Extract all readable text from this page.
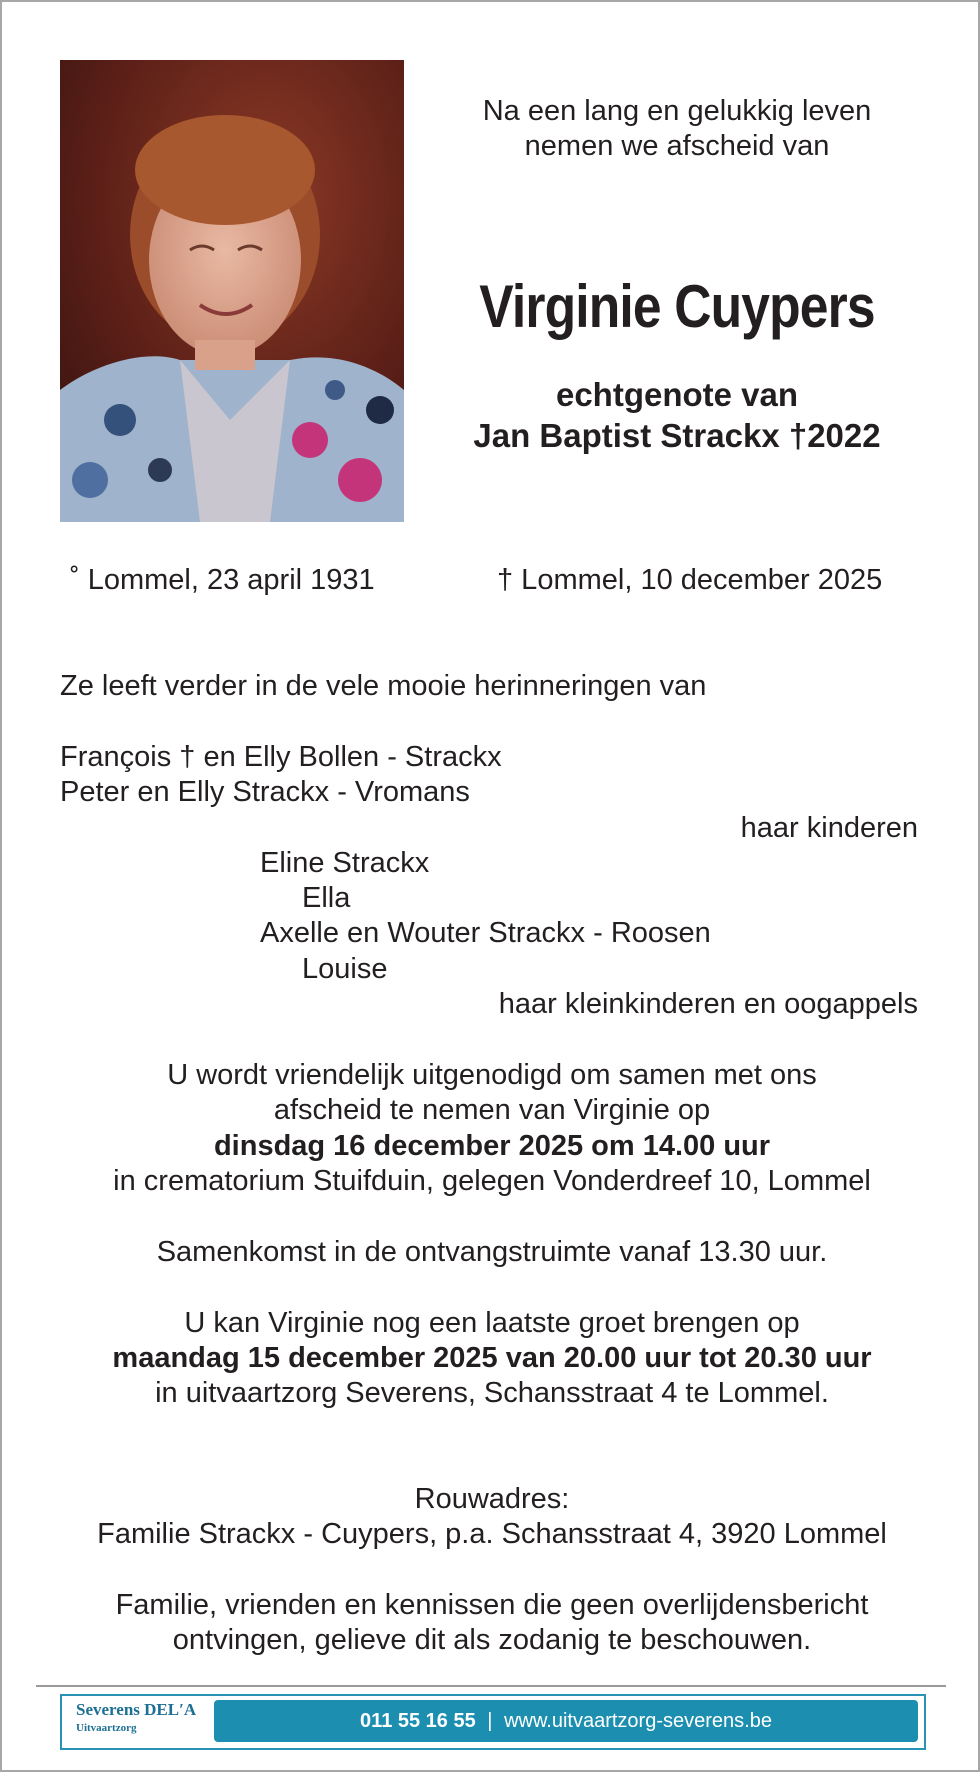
Na een lang en gelukkig leven
nemen we afscheid van
Virginie Cuypers
echtgenote van
Jan Baptist Strackx †2022
˚ Lommel, 23 april 1931	† Lommel, 10 december 2025
Ze leeft verder in de vele mooie herinneringen van
François † en Elly Bollen - Strackx
Peter en Elly Strackx - Vromans
haar kinderen
Eline Strackx
Ella
Axelle en Wouter Strackx - Roosen
Louise
haar kleinkinderen en oogappels
U wordt vriendelijk uitgenodigd om samen met ons
afscheid te nemen van Virginie op
dinsdag 16 december 2025 om 14.00 uur
in crematorium Stuifduin, gelegen Vonderdreef 10, Lommel
Samenkomst in de ontvangstruimte vanaf 13.30 uur.
U kan Virginie nog een laatste groet brengen op
maandag 15 december 2025 van 20.00 uur tot 20.30 uur
in uitvaartzorg Severens, Schansstraat 4 te Lommel.
Rouwadres:
Familie Strackx - Cuypers, p.a. Schansstraat 4, 3920 Lommel
Familie, vrienden en kennissen die geen overlijdensbericht
ontvingen, gelieve dit als zodanig te beschouwen.
Severens DELʹA
Uitvaartzorg	011 55 16 55 | www.uitvaartzorg-severens.be
